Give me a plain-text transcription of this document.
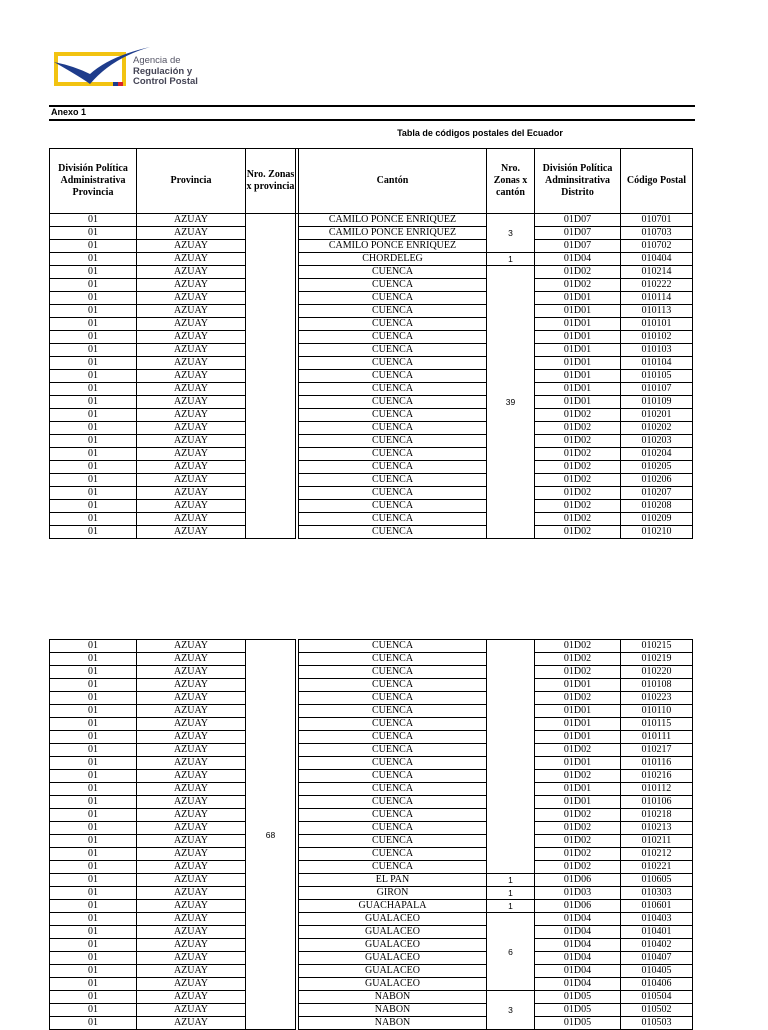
Agencia de
Regulación y
Control Postal
Anexo 1
Tabla de códigos postales del Ecuador
División Política Administrativa Provincia	Provincia	Nro. Zonas x provincia		Cantón	Nro. Zonas x cantón	División Política Adminsitrativa Distrito	Código Postal
01	AZUAY			CAMILO PONCE ENRIQUEZ	3	01D07	010701
01	AZUAY			CAMILO PONCE ENRIQUEZ		01D07	010703
01	AZUAY			CAMILO PONCE ENRIQUEZ		01D07	010702
01	AZUAY			CHORDELEG	1	01D04	010404
01	AZUAY			CUENCA	39	01D02	010214
01	AZUAY			CUENCA		01D02	010222
01	AZUAY			CUENCA		01D01	010114
01	AZUAY			CUENCA		01D01	010113
01	AZUAY			CUENCA		01D01	010101
01	AZUAY			CUENCA		01D01	010102
01	AZUAY			CUENCA		01D01	010103
01	AZUAY			CUENCA		01D01	010104
01	AZUAY			CUENCA		01D01	010105
01	AZUAY			CUENCA		01D01	010107
01	AZUAY			CUENCA		01D01	010109
01	AZUAY			CUENCA		01D02	010201
01	AZUAY			CUENCA		01D02	010202
01	AZUAY			CUENCA		01D02	010203
01	AZUAY			CUENCA		01D02	010204
01	AZUAY			CUENCA		01D02	010205
01	AZUAY			CUENCA		01D02	010206
01	AZUAY			CUENCA		01D02	010207
01	AZUAY			CUENCA		01D02	010208
01	AZUAY			CUENCA		01D02	010209
01	AZUAY			CUENCA		01D02	010210
01	AZUAY	68		CUENCA		01D02	010215
01	AZUAY			CUENCA		01D02	010219
01	AZUAY			CUENCA		01D02	010220
01	AZUAY			CUENCA		01D01	010108
01	AZUAY			CUENCA		01D02	010223
01	AZUAY			CUENCA		01D01	010110
01	AZUAY			CUENCA		01D01	010115
01	AZUAY			CUENCA		01D01	010111
01	AZUAY			CUENCA		01D02	010217
01	AZUAY			CUENCA		01D01	010116
01	AZUAY			CUENCA		01D02	010216
01	AZUAY			CUENCA		01D01	010112
01	AZUAY			CUENCA		01D01	010106
01	AZUAY			CUENCA		01D02	010218
01	AZUAY			CUENCA		01D02	010213
01	AZUAY			CUENCA		01D02	010211
01	AZUAY			CUENCA		01D02	010212
01	AZUAY			CUENCA		01D02	010221
01	AZUAY			EL PAN	1	01D06	010605
01	AZUAY			GIRON	1	01D03	010303
01	AZUAY			GUACHAPALA	1	01D06	010601
01	AZUAY			GUALACEO	6	01D04	010403
01	AZUAY			GUALACEO		01D04	010401
01	AZUAY			GUALACEO		01D04	010402
01	AZUAY			GUALACEO		01D04	010407
01	AZUAY			GUALACEO		01D04	010405
01	AZUAY			GUALACEO		01D04	010406
01	AZUAY			NABON	3	01D05	010504
01	AZUAY			NABON		01D05	010502
01	AZUAY			NABON		01D05	010503
